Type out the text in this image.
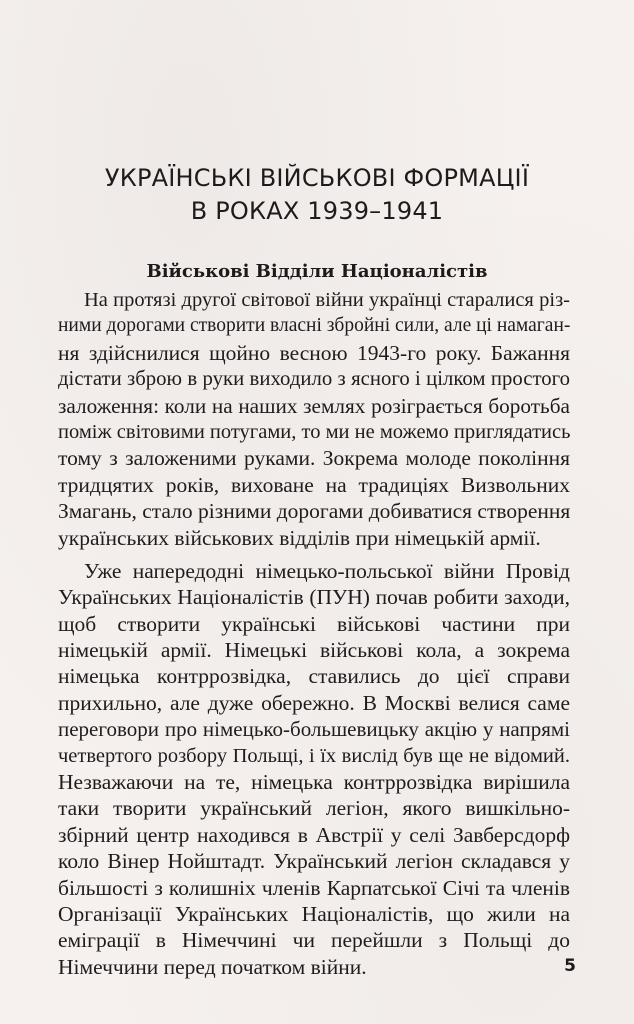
УКРАЇНСЬКІ ВІЙСЬКОВІ ФОРМАЦІЇ
В РОКАХ 1939–1941
Військові Відділи Націоналістів
На протязі другої світової війни українці старалися різ-
ними дорогами створити власні збройні сили, але ці намаган-
ня здійснилися щойно весною 1943-го року. Бажання
дістати зброю в руки виходило з ясного і цілком простого
заложення: коли на наших землях розіграється боротьба
поміж світовими потугами, то ми не можемо приглядатись
тому з заложеними руками. Зокрема молоде покоління
тридцятих років, виховане на традиціях Визвольних
Змагань, стало різними дорогами добиватися створення
українських військових відділів при німецькій армії.
Уже напередодні німецько-польської війни Провід
Українських Націоналістів (ПУН) почав робити заходи,
щоб створити українські військові частини при
німецькій армії. Німецькі військові кола, а зокрема
німецька контррозвідка, ставились до цієї справи
прихильно, але дуже обережно. В Москві велися саме
переговори про німецько-большевицьку акцію у напрямі
четвертого розбору Польщі, і їх вислід був ще не відомий.
Незважаючи на те, німецька контррозвідка вирішила
таки творити український легіон, якого вишкільно-
збірний центр находився в Австрії у селі Завберсдорф
коло Вінер Нойштадт. Український легіон складався у
більшості з колишніх членів Карпатської Січі та членів
Організації Українських Націоналістів, що жили на
еміграції в Німеччині чи перейшли з Польщі до
Німеччини перед початком війни.	5
